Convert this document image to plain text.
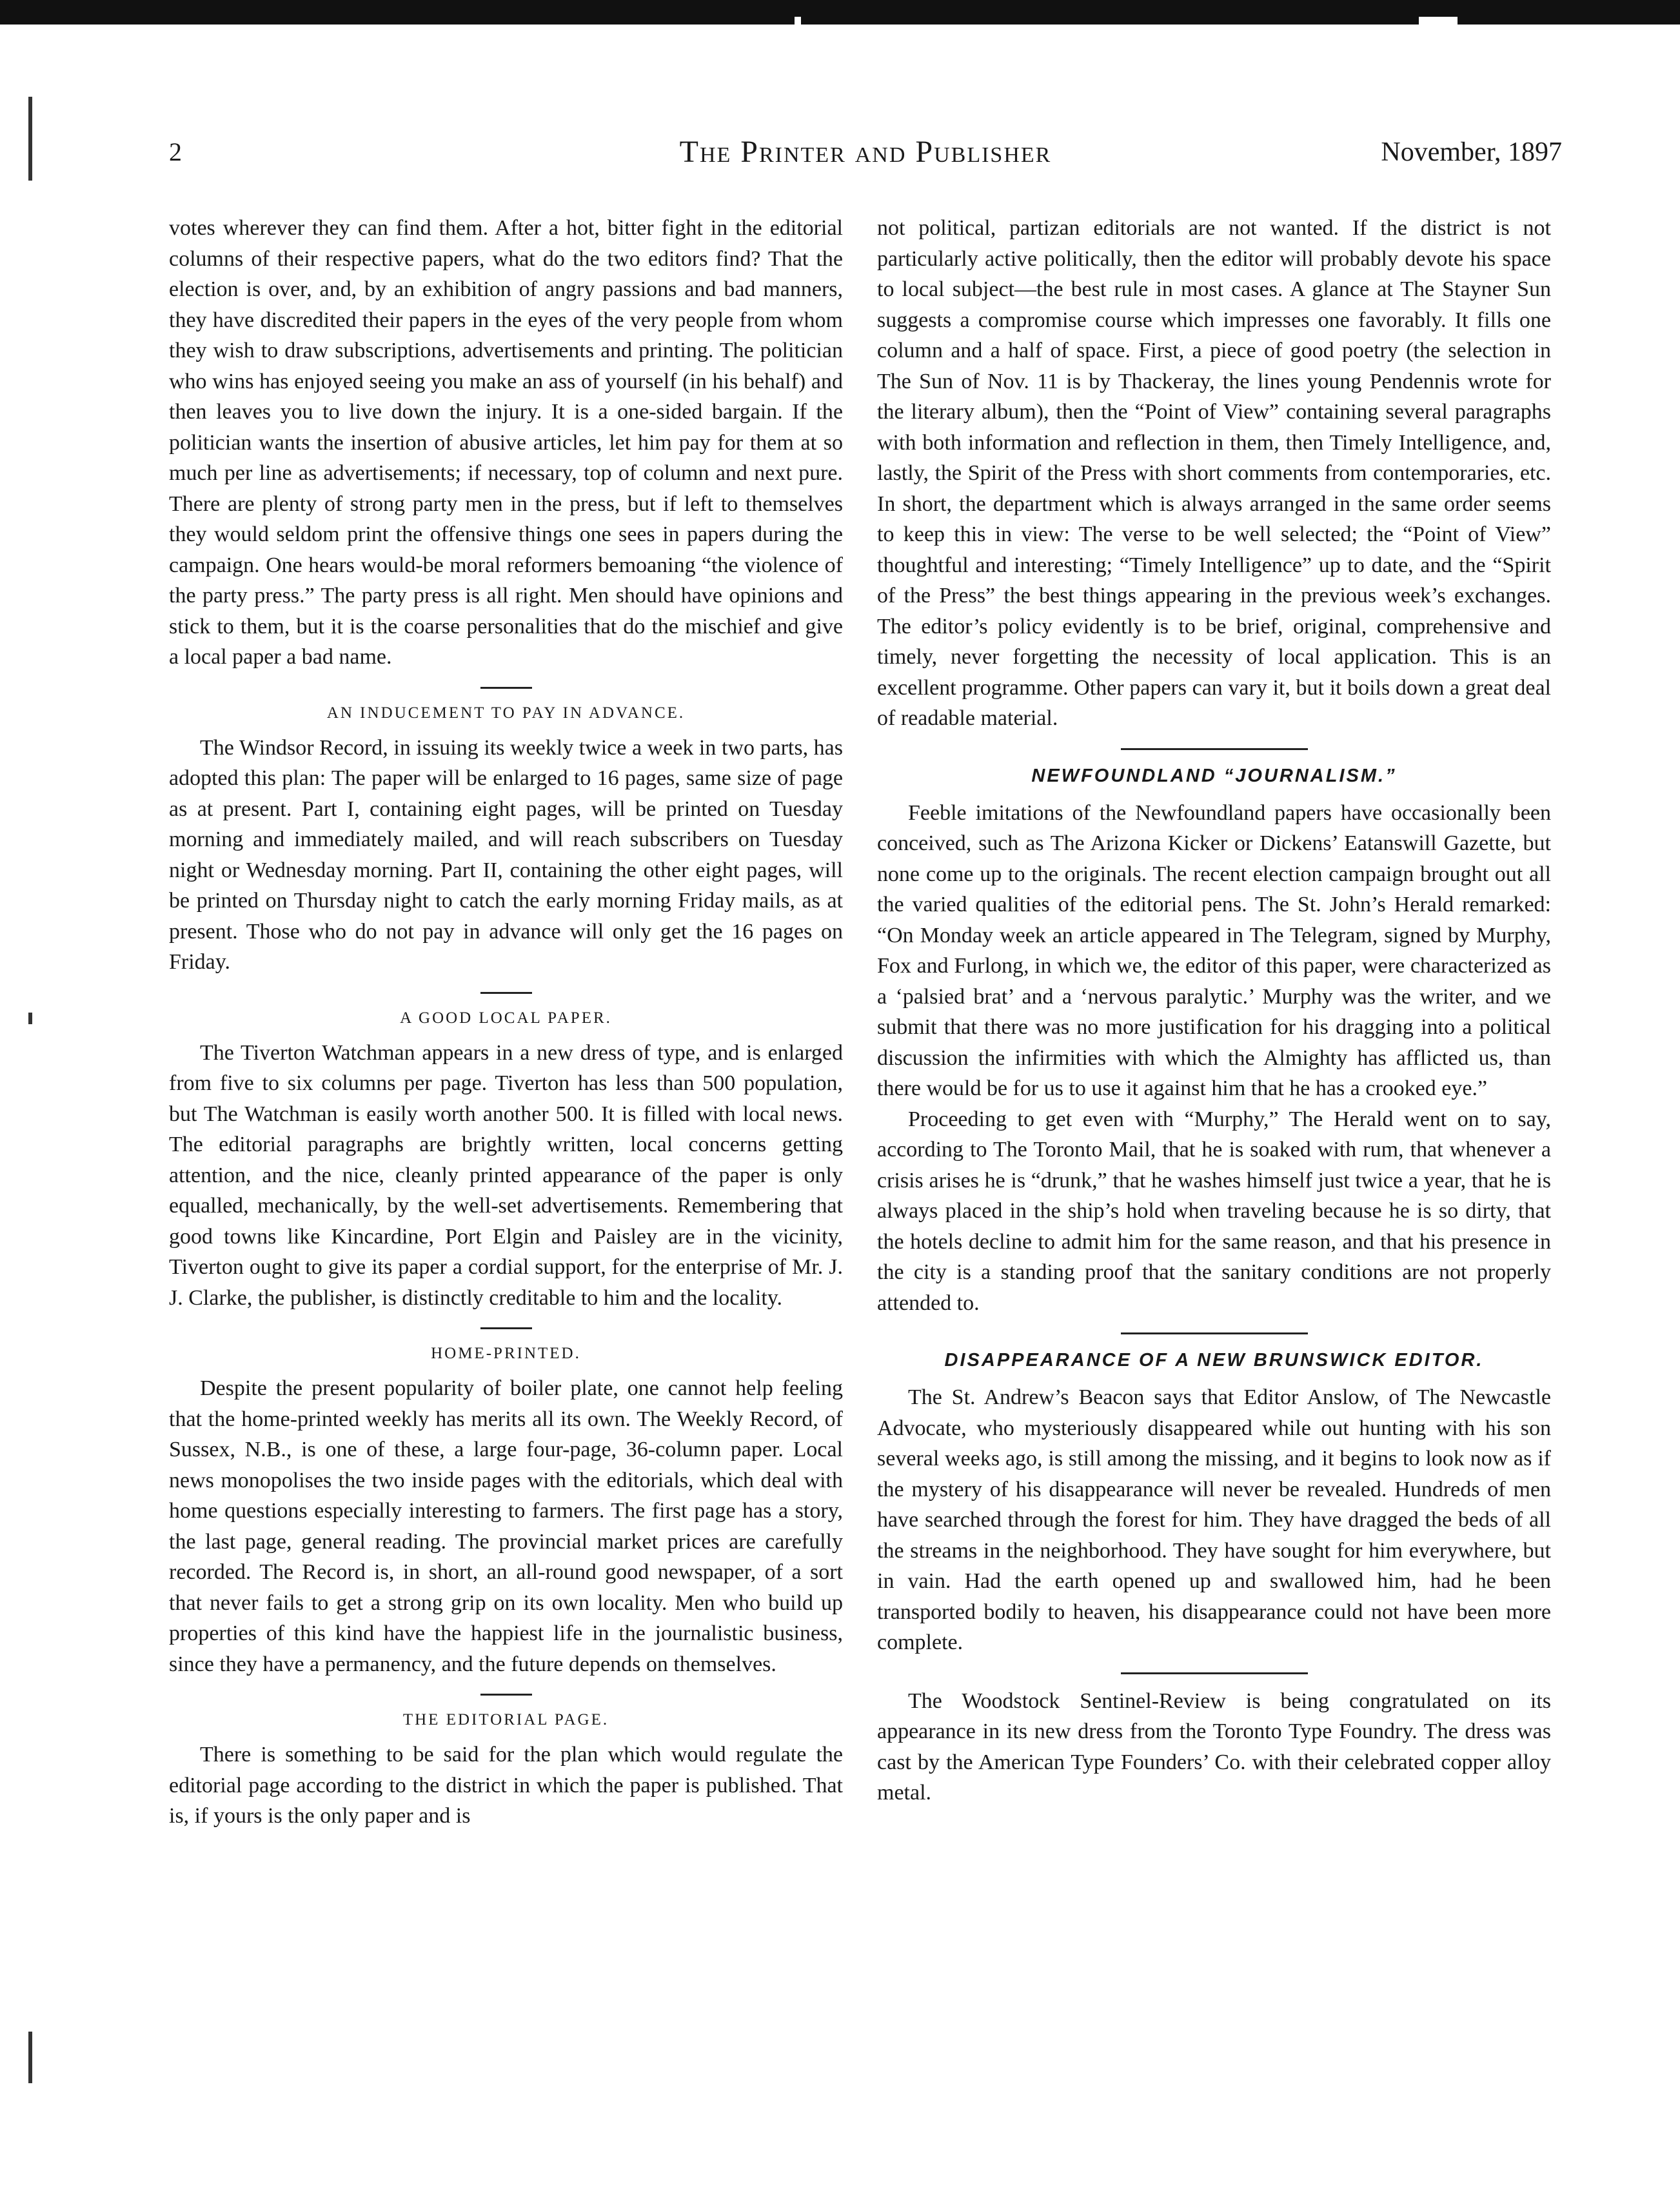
2	The Printer and Publisher	November, 1897

votes wherever they can find them. After a hot, bitter fight in the editorial columns of their respective papers, what do the two editors find? That the election is over, and, by an exhibition of angry passions and bad manners, they have discredited their papers in the eyes of the very people from whom they wish to draw subscriptions, advertisements and printing. The politician who wins has enjoyed seeing you make an ass of yourself (in his behalf) and then leaves you to live down the injury. It is a one-sided bargain. If the politician wants the insertion of abusive articles, let him pay for them at so much per line as advertisements; if necessary, top of column and next pure. There are plenty of strong party men in the press, but if left to themselves they would seldom print the offensive things one sees in papers during the campaign. One hears would-be moral reformers bemoaning “the violence of the party press.” The party press is all right. Men should have opinions and stick to them, but it is the coarse personalities that do the mischief and give a local paper a bad name.

AN INDUCEMENT TO PAY IN ADVANCE.

The Windsor Record, in issuing its weekly twice a week in two parts, has adopted this plan: The paper will be enlarged to 16 pages, same size of page as at present. Part I, containing eight pages, will be printed on Tuesday morning and immediately mailed, and will reach subscribers on Tuesday night or Wednesday morning. Part II, containing the other eight pages, will be printed on Thursday night to catch the early morning Friday mails, as at present. Those who do not pay in advance will only get the 16 pages on Friday.

A GOOD LOCAL PAPER.

The Tiverton Watchman appears in a new dress of type, and is enlarged from five to six columns per page. Tiverton has less than 500 population, but The Watchman is easily worth another 500. It is filled with local news. The editorial paragraphs are brightly written, local concerns getting attention, and the nice, cleanly printed appearance of the paper is only equalled, mechanically, by the well-set advertisements. Remembering that good towns like Kincardine, Port Elgin and Paisley are in the vicinity, Tiverton ought to give its paper a cordial support, for the enterprise of Mr. J. J. Clarke, the publisher, is distinctly creditable to him and the locality.

HOME-PRINTED.

Despite the present popularity of boiler plate, one cannot help feeling that the home-printed weekly has merits all its own. The Weekly Record, of Sussex, N.B., is one of these, a large four-page, 36-column paper. Local news monopolises the two inside pages with the editorials, which deal with home questions especially interesting to farmers. The first page has a story, the last page, general reading. The provincial market prices are carefully recorded. The Record is, in short, an all-round good newspaper, of a sort that never fails to get a strong grip on its own locality. Men who build up properties of this kind have the happiest life in the journalistic business, since they have a permanency, and the future depends on themselves.

THE EDITORIAL PAGE.

There is something to be said for the plan which would regulate the editorial page according to the district in which the paper is published. That is, if yours is the only paper and is

not political, partizan editorials are not wanted. If the district is not particularly active politically, then the editor will probably devote his space to local subject—the best rule in most cases. A glance at The Stayner Sun suggests a compromise course which impresses one favorably. It fills one column and a half of space. First, a piece of good poetry (the selection in The Sun of Nov. 11 is by Thackeray, the lines young Pendennis wrote for the literary album), then the “Point of View” containing several paragraphs with both information and reflection in them, then Timely Intelligence, and, lastly, the Spirit of the Press with short comments from contemporaries, etc. In short, the department which is always arranged in the same order seems to keep this in view: The verse to be well selected; the “Point of View” thoughtful and interesting; “Timely Intelligence” up to date, and the “Spirit of the Press” the best things appearing in the previous week’s exchanges. The editor’s policy evidently is to be brief, original, comprehensive and timely, never forgetting the necessity of local application. This is an excellent programme. Other papers can vary it, but it boils down a great deal of readable material.

NEWFOUNDLAND “JOURNALISM.”

Feeble imitations of the Newfoundland papers have occasionally been conceived, such as The Arizona Kicker or Dickens’ Eatanswill Gazette, but none come up to the originals. The recent election campaign brought out all the varied qualities of the editorial pens. The St. John’s Herald remarked: “On Monday week an article appeared in The Telegram, signed by Murphy, Fox and Furlong, in which we, the editor of this paper, were characterized as a ‘palsied brat’ and a ‘nervous paralytic.’ Murphy was the writer, and we submit that there was no more justification for his dragging into a political discussion the infirmities with which the Almighty has afflicted us, than there would be for us to use it against him that he has a crooked eye.”

Proceeding to get even with “Murphy,” The Herald went on to say, according to The Toronto Mail, that he is soaked with rum, that whenever a crisis arises he is “drunk,” that he washes himself just twice a year, that he is always placed in the ship’s hold when traveling because he is so dirty, that the hotels decline to admit him for the same reason, and that his presence in the city is a standing proof that the sanitary conditions are not properly attended to.

DISAPPEARANCE OF A NEW BRUNSWICK EDITOR.

The St. Andrew’s Beacon says that Editor Anslow, of The Newcastle Advocate, who mysteriously disappeared while out hunting with his son several weeks ago, is still among the missing, and it begins to look now as if the mystery of his disappearance will never be revealed. Hundreds of men have searched through the forest for him. They have dragged the beds of all the streams in the neighborhood. They have sought for him everywhere, but in vain. Had the earth opened up and swallowed him, had he been transported bodily to heaven, his disappearance could not have been more complete.

The Woodstock Sentinel-Review is being congratulated on its appearance in its new dress from the Toronto Type Foundry. The dress was cast by the American Type Founders’ Co. with their celebrated copper alloy metal.
